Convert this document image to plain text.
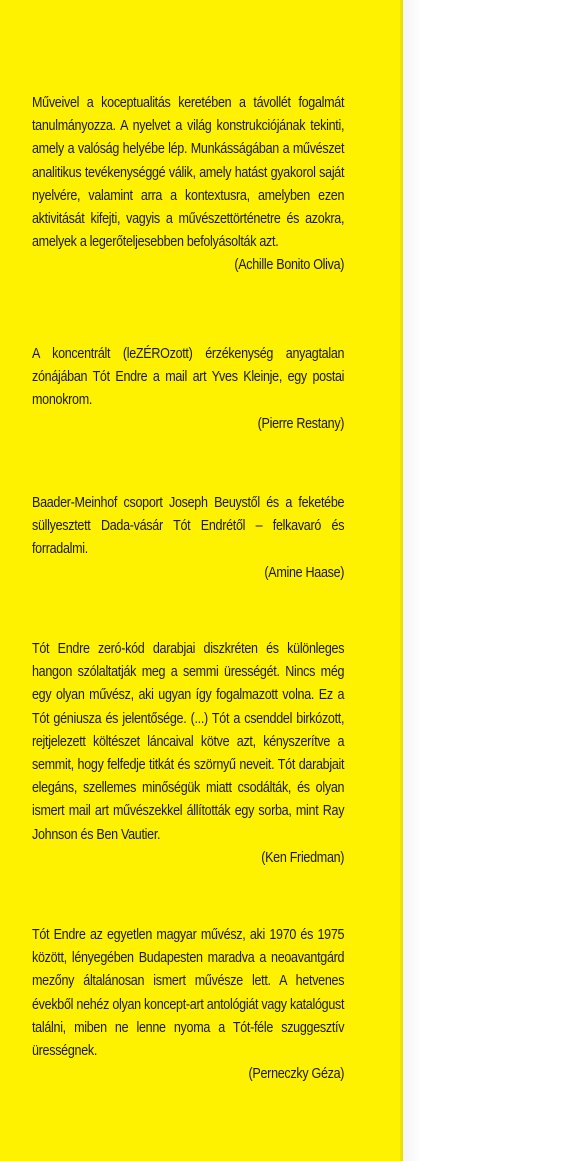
Műveivel a koceptualitás keretében a távollét fogalmát tanulmányozza. A nyelvet a világ konstrukciójának tekinti, amely a valóság helyébe lép. Munkásságában a művészet analitikus tevékenységgé válik, amely hatást gyakorol saját nyelvére, valamint arra a kontextusra, amelyben ezen aktivitását kifejti, vagyis a művészettörténetre és azokra, amelyek a legerőteljesebben befolyásolták azt.

(Achille Bonito Oliva)

A koncentrált (leZÉROzott) érzékenység anyagtalan zónájában Tót Endre a mail art Yves Kleinje, egy postai monokrom.

(Pierre Restany)

Baader-Meinhof csoport Joseph Beuystől és a feketébe süllyesztett Dada-vásár Tót Endrétől – felkavaró és forradalmi.

(Amine Haase)

Tót Endre zeró-kód darabjai diszkréten és különleges hangon szólaltatják meg a semmi ürességét. Nincs még egy olyan művész, aki ugyan így fogalmazott volna. Ez a Tót géniusza és jelentősége. (...) Tót a csenddel birkózott, rejtjelezett költészet láncaival kötve azt, kényszerítve a semmit, hogy felfedje titkát és szörnyű neveit. Tót darabjait elegáns, szellemes minőségük miatt csodálták, és olyan ismert mail art művészekkel állították egy sorba, mint Ray Johnson és Ben Vautier.

(Ken Friedman)

Tót Endre az egyetlen magyar művész, aki 1970 és 1975 között, lényegében Budapesten maradva a neoavantgárd mezőny általánosan ismert művésze lett. A hetvenes évekből nehéz olyan koncept-art antológiát vagy katalógust találni, miben ne lenne nyoma a Tót-féle szuggesztív ürességnek.

(Perneczky Géza)
